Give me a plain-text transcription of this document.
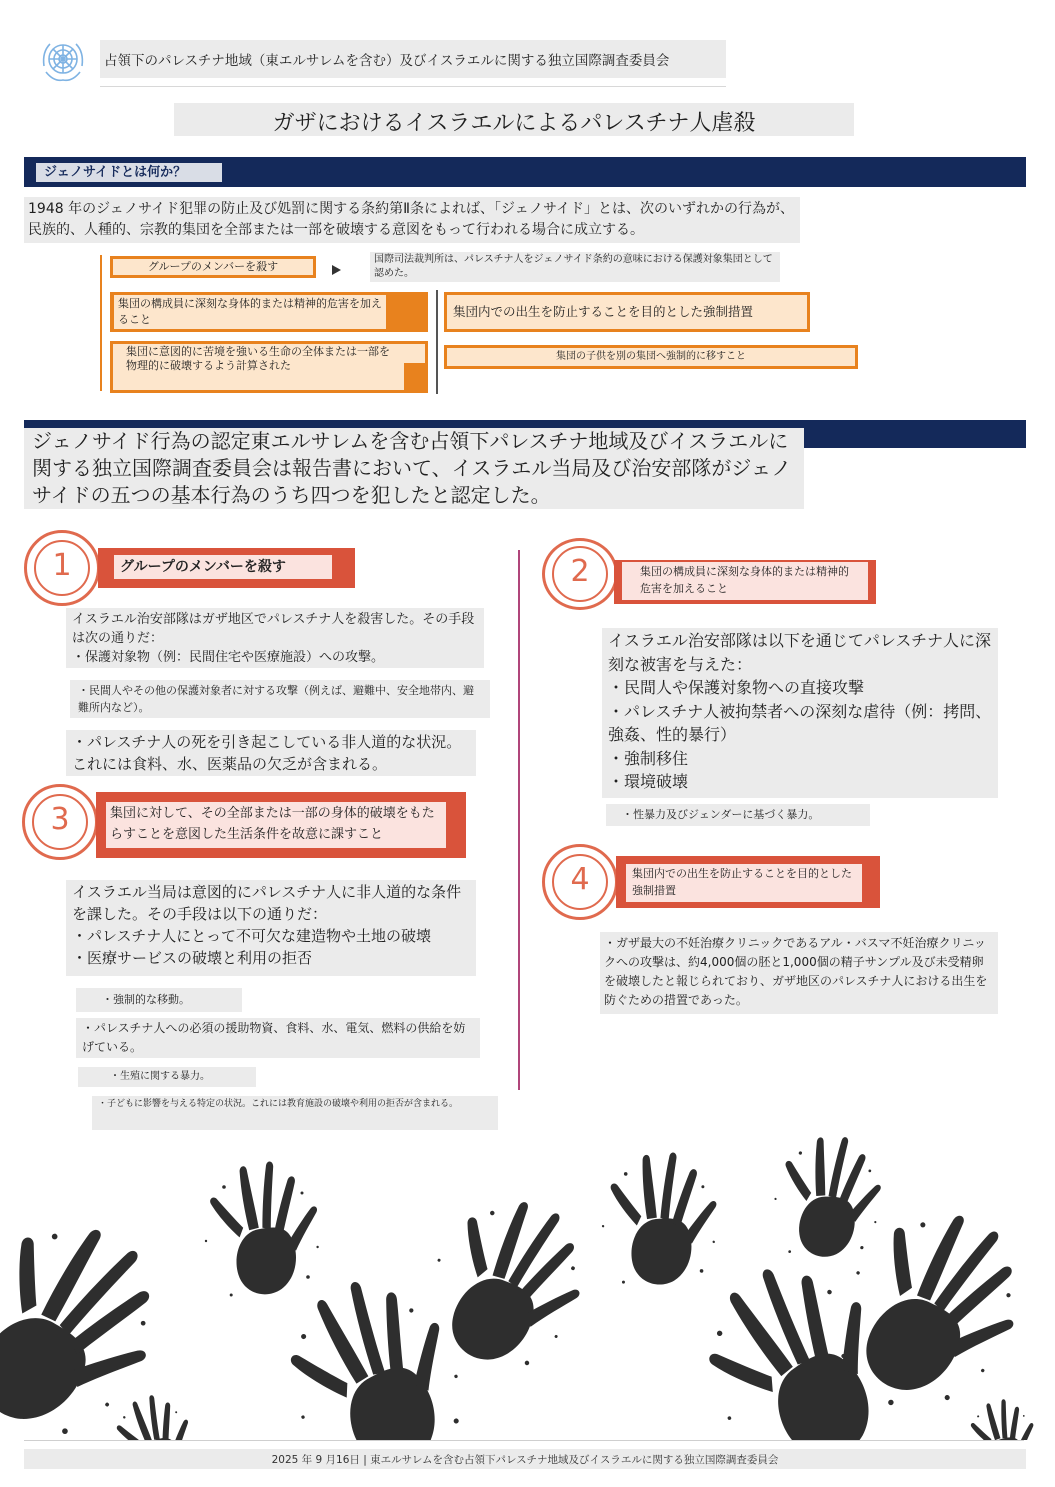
占領下のパレスチナ地域（東エルサレムを含む）及びイスラエルに関する独立国際調査委員会
ガザにおけるイスラエルによるパレスチナ人虐殺
ジェノサイドとは何か？
1948 年のジェノサイド犯罪の防止及び処罰に関する条約第Ⅱ条によれば、「ジェノサイド」とは、次のいずれかの行為が、民族的、人種的、宗教的集団を全部または一部を破壊する意図をもって行われる場合に成立する。
グループのメンバーを殺す
国際司法裁判所は、パレスチナ人をジェノサイド条約の意味における保護対象集団として認めた。
集団の構成員に深刻な身体的または精神的危害を加えること
集団内での出生を防止することを目的とした強制措置
集団に意図的に苦境を強いる生命の全体または一部を物理的に破壊するよう計算された
集団の子供を別の集団へ強制的に移すこと
ジェノサイド行為の認定東エルサレムを含む占領下パレスチナ地域及びイスラエルに関する独立国際調査委員会は報告書において、イスラエル当局及び治安部隊がジェノサイドの五つの基本行為のうち四つを犯したと認定した。
1	グループのメンバーを殺す
イスラエル治安部隊はガザ地区でパレスチナ人を殺害した。その手段は次の通りだ：
・保護対象物（例：民間住宅や医療施設）への攻撃。
・民間人やその他の保護対象者に対する攻撃（例えば、避難中、安全地帯内、避難所内など）。
・パレスチナ人の死を引き起こしている非人道的な状況。これには食料、水、医薬品の欠乏が含まれる。
3	集団に対して、その全部または一部の身体的破壊をもたらすことを意図した生活条件を故意に課すこと
イスラエル当局は意図的にパレスチナ人に非人道的な条件を課した。その手段は以下の通りだ：
・パレスチナ人にとって不可欠な建造物や土地の破壊
・医療サービスの破壊と利用の拒否
・強制的な移動。
・パレスチナ人への必須の援助物資、食料、水、電気、燃料の供給を妨げている。
・生殖に関する暴力。
・子どもに影響を与える特定の状況。これには教育施設の破壊や利用の拒否が含まれる。
2	集団の構成員に深刻な身体的または精神的危害を加えること
イスラエル治安部隊は以下を通じてパレスチナ人に深刻な被害を与えた：
・民間人や保護対象物への直接攻撃
・パレスチナ人被拘禁者への深刻な虐待（例：拷問、強姦、性的暴行）
・強制移住
・環境破壊
・性暴力及びジェンダーに基づく暴力。
4	集団内での出生を防止することを目的とした強制措置
・ガザ最大の不妊治療クリニックであるアル・バスマ不妊治療クリニックへの攻撃は、約4,000個の胚と1,000個の精子サンプル及び未受精卵を破壊したと報じられており、ガザ地区のパレスチナ人における出生を防ぐための措置であった。
2025 年 9 月16日 | 東エルサレムを含む占領下パレスチナ地域及びイスラエルに関する独立国際調査委員会
